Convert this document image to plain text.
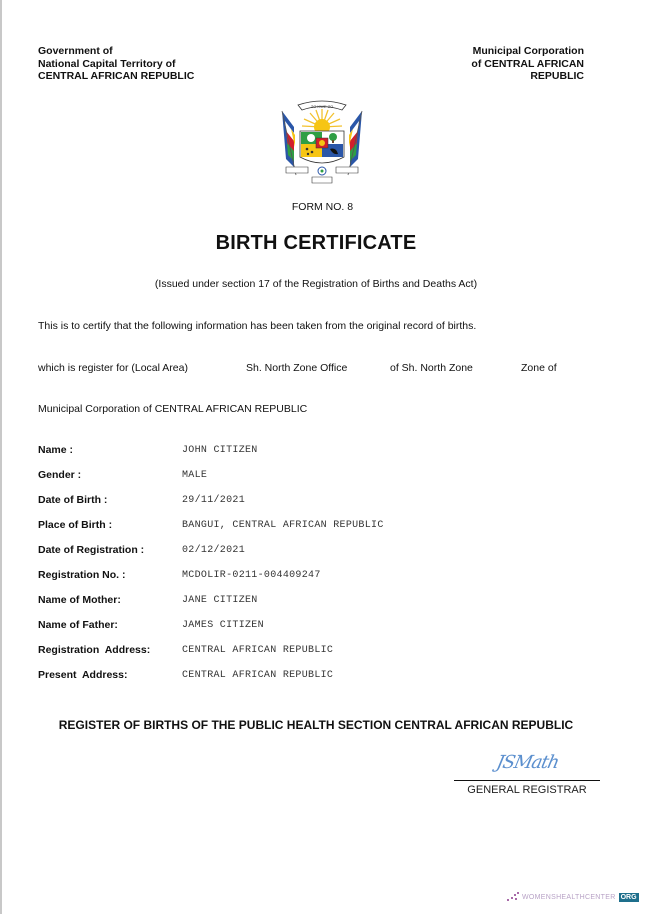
Government of
National Capital Territory of
CENTRAL AFRICAN REPUBLIC
Municipal Corporation
of CENTRAL AFRICAN
REPUBLIC
ZO KWE ZO
FORM NO. 8
BIRTH CERTIFICATE
(Issued under section 17 of the Registration of Births and Deaths Act)
This is to certify that the following information has been taken from the original record of births.
which is register for (Local Area)	Sh. North Zone Office	of Sh. North Zone	Zone of
Municipal Corporation of CENTRAL AFRICAN REPUBLIC
Name :	JOHN CITIZEN
Gender :	MALE
Date of Birth :	29/11/2021
Place of Birth :	BANGUI, CENTRAL AFRICAN REPUBLIC
Date of Registration :	02/12/2021
Registration No. :	MCDOLIR-0211-004409247
Name of Mother:	JANE CITIZEN
Name of Father:	JAMES CITIZEN
Registration  Address:	CENTRAL AFRICAN REPUBLIC
Present  Address:	CENTRAL AFRICAN REPUBLIC
REGISTER OF BIRTHS OF THE PUBLIC HEALTH SECTION CENTRAL AFRICAN REPUBLIC
JSMath
GENERAL REGISTRAR
WOMENSHEALTHCENTER ORG
